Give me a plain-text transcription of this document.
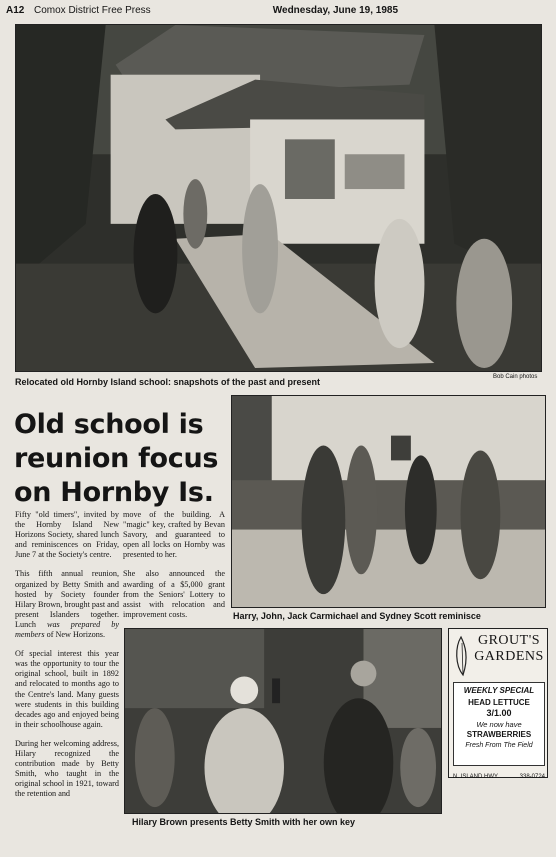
A12 Comox District Free Press	Wednesday, June 19, 1985
Relocated old Hornby Island school: snapshots of the past and present	Bob Cain photos
Old school is
reunion focus
on Hornby Is.
Harry, John, Jack Carmichael and Sydney Scott reminisce

Fifty "old timers", invited by the Hornby Island New Horizons Society, shared lunch and reminiscences on Friday, June 7 at the Society's centre.

This fifth annual reunion, organized by Betty Smith and hosted by Society founder Hilary Brown, brought past and present Islanders together. Lunch was prepared by members of New Horizons.

Of special interest this year was the opportunity to tour the original school, built in 1892 and relocated to months ago to the Centre's land. Many guests were students in this building decades ago and enjoyed being in their schoolhouse again.

During her welcoming address, Hilary recognized the contribution made by Betty Smith, who taught in the original school in 1921, toward the retention and

move of the building. A "magic" key, crafted by Bevan Savory, and guaranteed to open all locks on Hornby was presented to her.

She also announced the awarding of a $5,000 grant from the Seniors' Lottery to assist with relocation and improvement costs.

Hilary Brown presents Betty Smith with her own key
GROUT'S
GARDENS
WEEKLY SPECIAL
HEAD LETTUCE
3/1.00
We now have
STRAWBERRIES
Fresh From The Field
N. ISLAND HWY.	338-0724
